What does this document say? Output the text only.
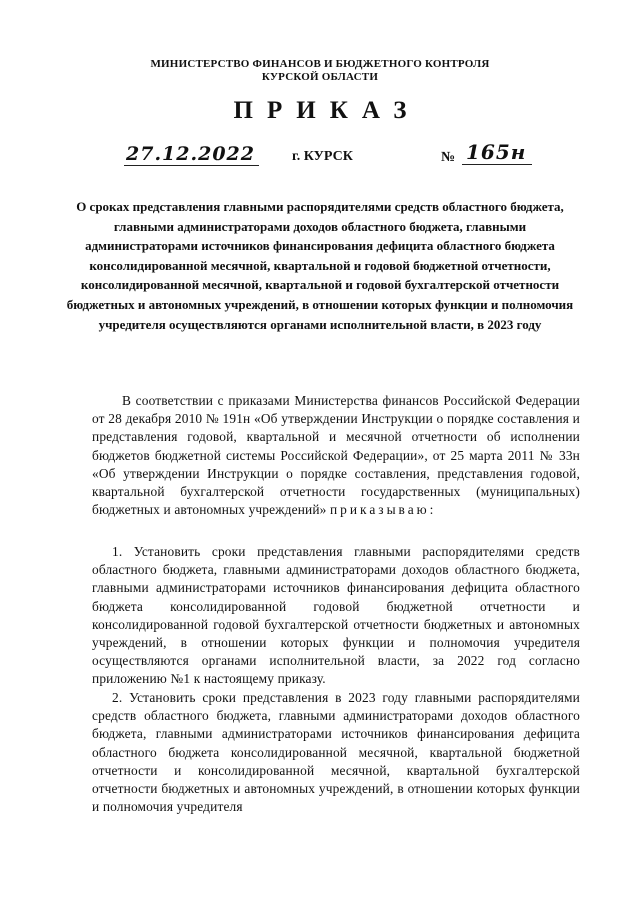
МИНИСТЕРСТВО ФИНАНСОВ И БЮДЖЕТНОГО КОНТРОЛЯ
КУРСКОЙ ОБЛАСТИ
ПРИКАЗ
27.12.2022	г. КУРСК	№ 165н
О сроках представления главными распорядителями средств областного бюджета, главными администраторами доходов областного бюджета, главными администраторами источников финансирования дефицита областного бюджета консолидированной месячной, квартальной и годовой бюджетной отчетности, консолидированной месячной, квартальной и годовой бухгалтерской отчетности бюджетных и автономных учреждений, в отношении которых функции и полномочия учредителя осуществляются органами исполнительной власти, в 2023 году
В соответствии с приказами Министерства финансов Российской Федерации от 28 декабря 2010 № 191н «Об утверждении Инструкции о порядке составления и представления годовой, квартальной и месячной отчетности об исполнении бюджетов бюджетной системы Российской Федерации», от 25 марта 2011 № 33н «Об утверждении Инструкции о порядке составления, представления годовой, квартальной бухгалтерской отчетности государственных (муниципальных) бюджетных и автономных учреждений» приказываю:
1. Установить сроки представления главными распорядителями средств областного бюджета, главными администраторами доходов областного бюджета, главными администраторами источников финансирования дефицита областного бюджета консолидированной годовой бюджетной отчетности и консолидированной годовой бухгалтерской отчетности бюджетных и автономных учреждений, в отношении которых функции и полномочия учредителя осуществляются органами исполнительной власти, за 2022 год согласно приложению №1 к настоящему приказу.
2. Установить сроки представления в 2023 году главными распорядителями средств областного бюджета, главными администраторами доходов областного бюджета, главными администраторами источников финансирования дефицита областного бюджета консолидированной месячной, квартальной бюджетной отчетности и консолидированной месячной, квартальной бухгалтерской отчетности бюджетных и автономных учреждений, в отношении которых функции и полномочия учредителя
